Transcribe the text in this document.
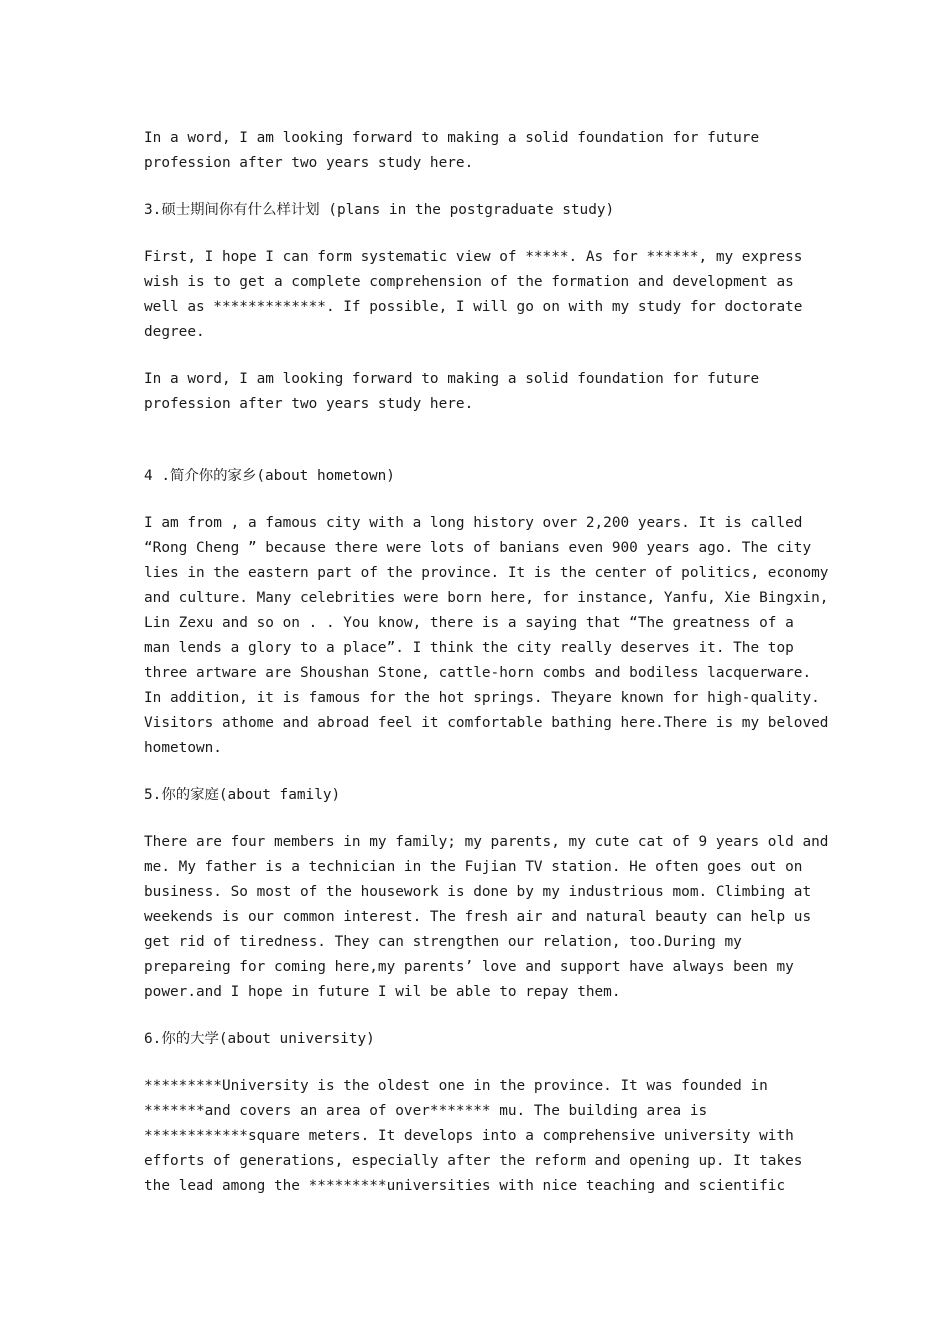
In a word, I am looking forward to making a solid foundation for future
profession after two years study here.
3.硕士期间你有什么样计划 (plans in the postgraduate study)
First, I hope I can form systematic view of *****. As for ******, my express
wish is to get a complete comprehension of the formation and development as
well as *************. If possible, I will go on with my study for doctorate
degree.
In a word, I am looking forward to making a solid foundation for future
profession after two years study here.
4 .简介你的家乡(about hometown)
I am from , a famous city with a long history over 2,200 years. It is called
“Rong Cheng ” because there were lots of banians even 900 years ago. The city
lies in the eastern part of the province. It is the center of politics, economy
and culture. Many celebrities were born here, for instance, Yanfu, Xie Bingxin,
Lin Zexu and so on . . You know, there is a saying that “The greatness of a
man lends a glory to a place”. I think the city really deserves it. The top
three artware are Shoushan Stone, cattle-horn combs and bodiless lacquerware.
In addition, it is famous for the hot springs. Theyare known for high-quality.
Visitors athome and abroad feel it comfortable bathing here.There is my beloved
hometown.
5.你的家庭(about family)
There are four members in my family; my parents, my cute cat of 9 years old and
me. My father is a technician in the Fujian TV station. He often goes out on
business. So most of the housework is done by my industrious mom. Climbing at
weekends is our common interest. The fresh air and natural beauty can help us
get rid of tiredness. They can strengthen our relation, too.During my
prepareing for coming here,my parents’ love and support have always been my
power.and I hope in future I wil be able to repay them.
6.你的大学(about university)
*********University is the oldest one in the province. It was founded in
*******and covers an area of over******* mu. The building area is
************square meters. It develops into a comprehensive university with
efforts of generations, especially after the reform and opening up. It takes
the lead among the *********universities with nice teaching and scientific
